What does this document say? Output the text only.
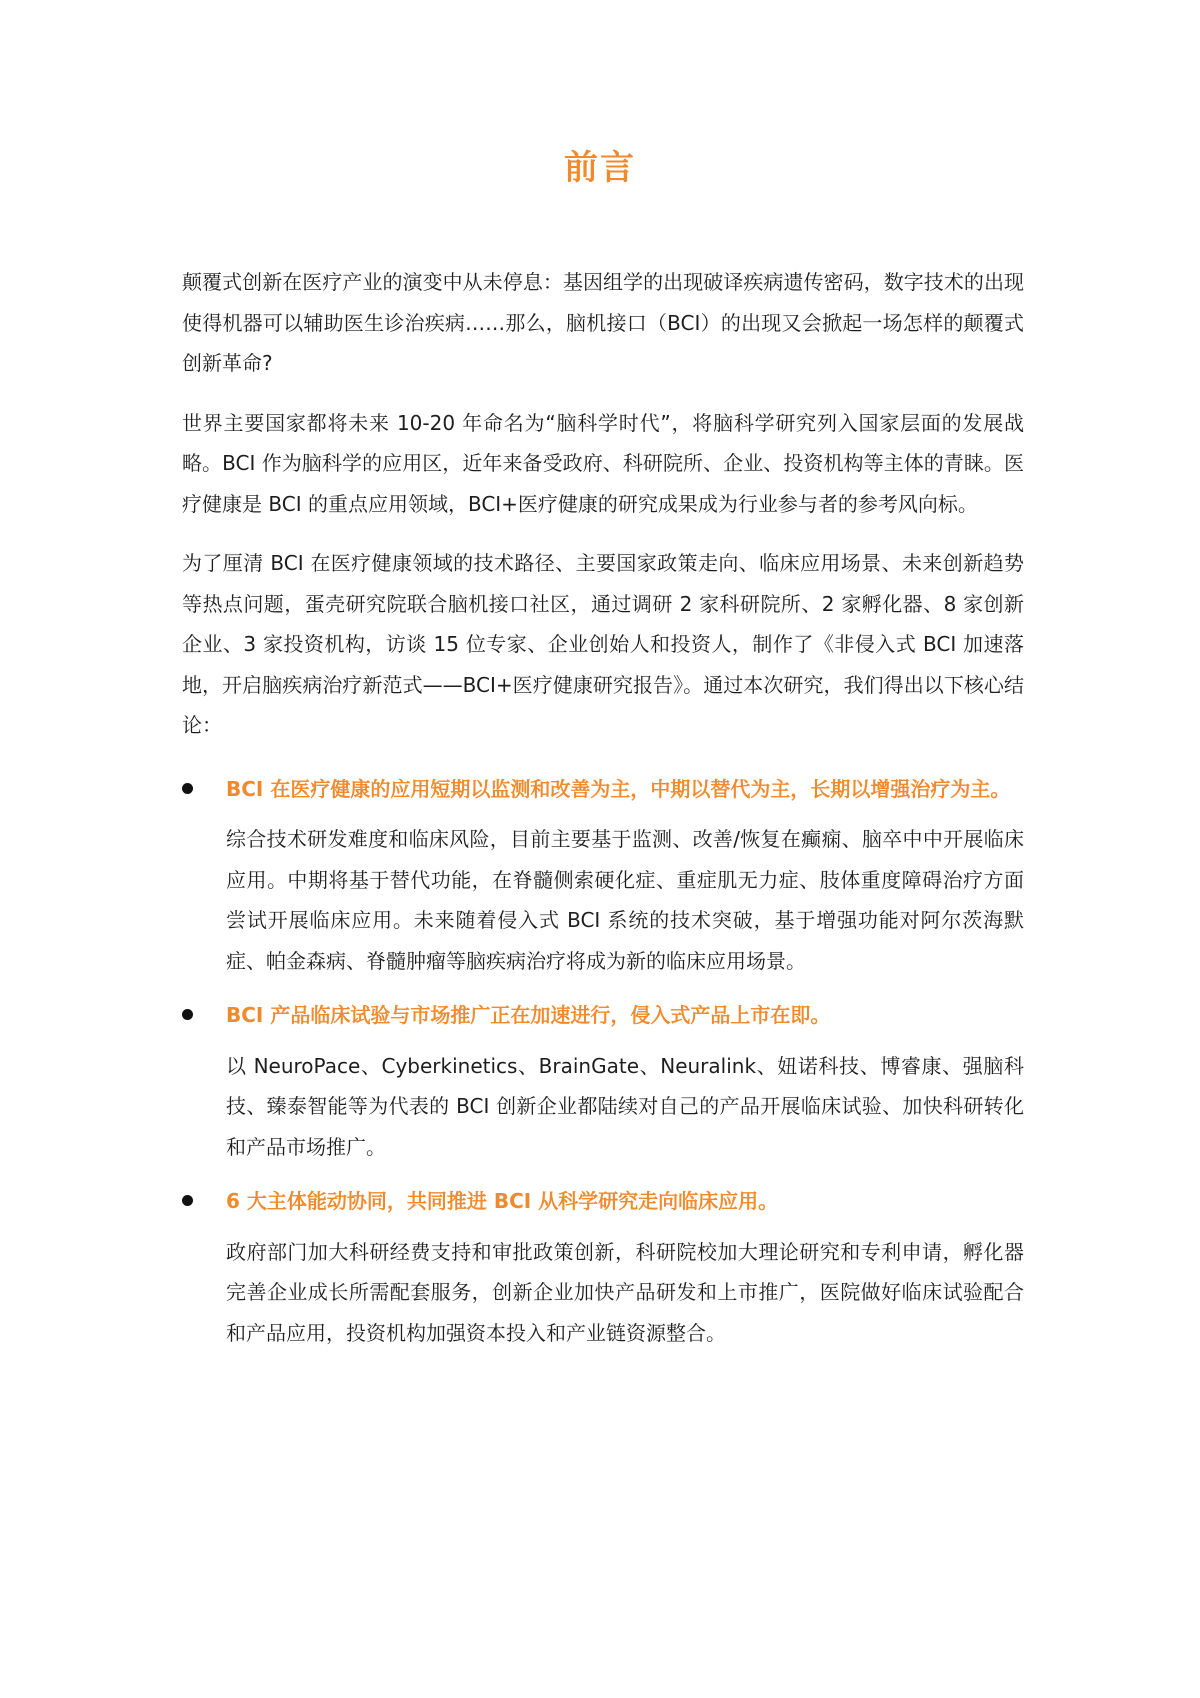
前言

颠覆式创新在医疗产业的演变中从未停息：基因组学的出现破译疾病遗传密码，数字技术的出现使得机器可以辅助医生诊治疾病……那么，脑机接口（BCI）的出现又会掀起一场怎样的颠覆式创新革命?

世界主要国家都将未来 10-20 年命名为“脑科学时代”，将脑科学研究列入国家层面的发展战略。BCI 作为脑科学的应用区，近年来备受政府、科研院所、企业、投资机构等主体的青睐。医疗健康是 BCI 的重点应用领域，BCI+医疗健康的研究成果成为行业参与者的参考风向标。

为了厘清 BCI 在医疗健康领域的技术路径、主要国家政策走向、临床应用场景、未来创新趋势等热点问题，蛋壳研究院联合脑机接口社区，通过调研 2 家科研院所、2 家孵化器、8 家创新企业、3 家投资机构，访谈 15 位专家、企业创始人和投资人，制作了《非侵入式 BCI 加速落地，开启脑疾病治疗新范式——BCI+医疗健康研究报告》。通过本次研究，我们得出以下核心结论：

BCI 在医疗健康的应用短期以监测和改善为主，中期以替代为主，长期以增强治疗为主。

综合技术研发难度和临床风险，目前主要基于监测、改善/恢复在癫痫、脑卒中中开展临床应用。中期将基于替代功能，在脊髓侧索硬化症、重症肌无力症、肢体重度障碍治疗方面尝试开展临床应用。未来随着侵入式 BCI 系统的技术突破，基于增强功能对阿尔茨海默症、帕金森病、脊髓肿瘤等脑疾病治疗将成为新的临床应用场景。

BCI 产品临床试验与市场推广正在加速进行，侵入式产品上市在即。

以 NeuroPace、Cyberkinetics、BrainGate、Neuralink、妞诺科技、博睿康、强脑科技、臻泰智能等为代表的 BCI 创新企业都陆续对自己的产品开展临床试验、加快科研转化和产品市场推广。

6 大主体能动协同，共同推进 BCI 从科学研究走向临床应用。

政府部门加大科研经费支持和审批政策创新，科研院校加大理论研究和专利申请，孵化器完善企业成长所需配套服务，创新企业加快产品研发和上市推广，医院做好临床试验配合和产品应用，投资机构加强资本投入和产业链资源整合。
